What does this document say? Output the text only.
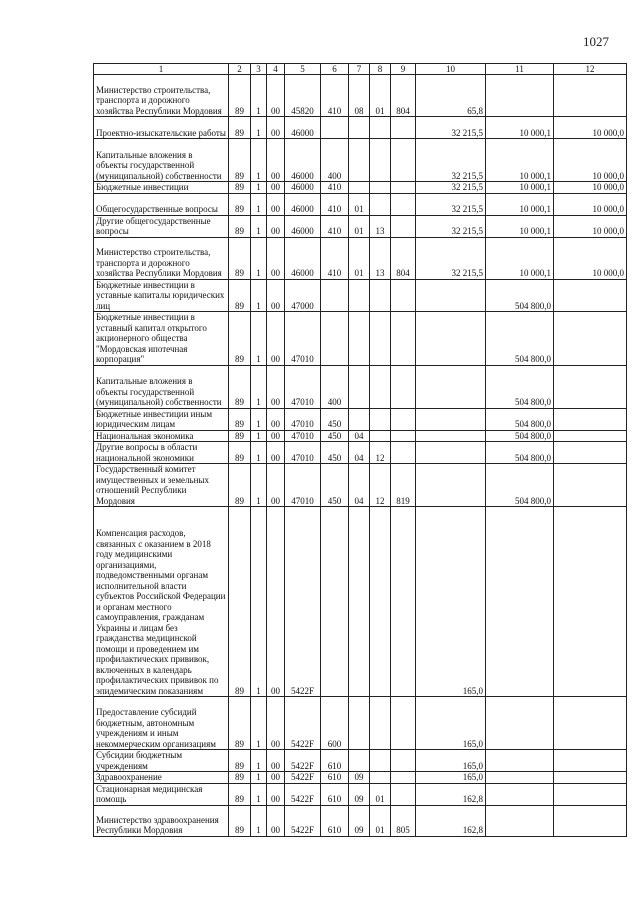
1027
1	2	3	4	5	6	7	8	9	10	11	12
Министерство строительства, транспорта и дорожного хозяйства Республики Мордовия	89	1	00	45820	410	08	01	804	65,8		
Проектно-изыскательские работы	89	1	00	46000					32 215,5	10 000,1	10 000,0
Капитальные вложения в объекты государственной (муниципальной) собственности	89	1	00	46000	400				32 215,5	10 000,1	10 000,0
Бюджетные инвестиции	89	1	00	46000	410				32 215,5	10 000,1	10 000,0
Общегосударственные вопросы	89	1	00	46000	410	01			32 215,5	10 000,1	10 000,0
Другие общегосударственные вопросы	89	1	00	46000	410	01	13		32 215,5	10 000,1	10 000,0
Министерство строительства, транспорта и дорожного хозяйства Республики Мордовия	89	1	00	46000	410	01	13	804	32 215,5	10 000,1	10 000,0
Бюджетные инвестиции в уставные капиталы юридических лиц	89	1	00	47000						504 800,0	
Бюджетные инвестиции в уставный капитал открытого акционерного общества "Мордовская ипотечная корпорация"	89	1	00	47010						504 800,0	
Капитальные вложения в объекты государственной (муниципальной) собственности	89	1	00	47010	400					504 800,0	
Бюджетные инвестиции иным юридическим лицам	89	1	00	47010	450					504 800,0	
Национальная экономика	89	1	00	47010	450	04				504 800,0	
Другие вопросы в области национальной экономики	89	1	00	47010	450	04	12			504 800,0	
Государственный комитет имущественных и земельных отношений Республики Мордовия	89	1	00	47010	450	04	12	819		504 800,0	
Компенсация расходов, связанных с оказанием в 2018 году медицинскими организациями, подведомственными органам исполнительной власти субъектов Российской Федерации и органам местного самоуправления, гражданам Украины и лицам без гражданства медицинской помощи и проведением им профилактических прививок, включенных в календарь профилактических прививок по эпидемическим показаниям	89	1	00	5422F					165,0		
Предоставление субсидий бюджетным, автономным учреждениям и иным некоммерческим организациям	89	1	00	5422F	600				165,0		
Субсидии бюджетным учреждениям	89	1	00	5422F	610				165,0		
Здравоохранение	89	1	00	5422F	610	09			165,0		
Стационарная медицинская помощь	89	1	00	5422F	610	09	01		162,8		
Министерство здравоохранения Республики Мордовия	89	1	00	5422F	610	09	01	805	162,8		
